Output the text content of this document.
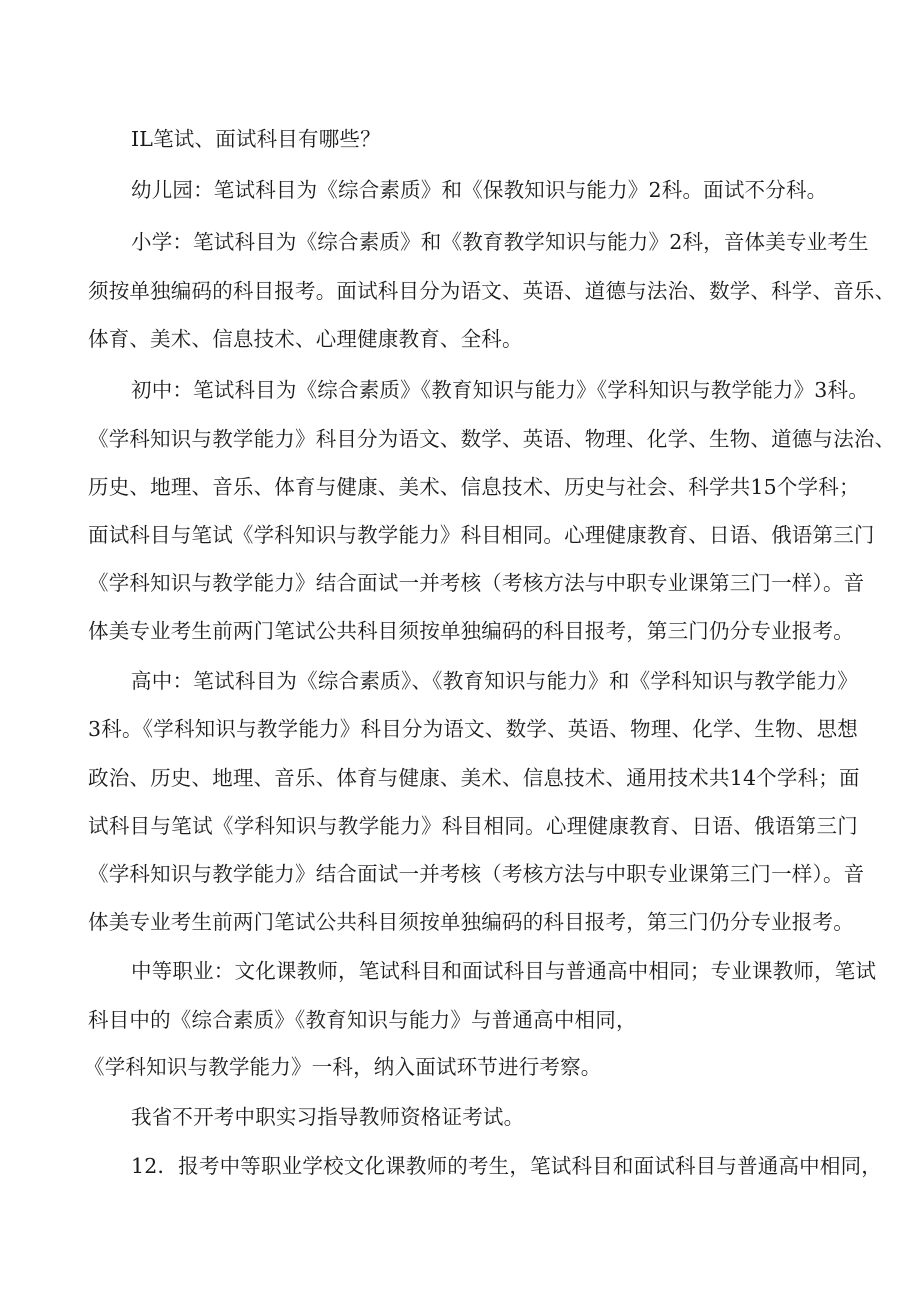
IL笔试、面试科目有哪些？
幼儿园：笔试科目为《综合素质》和《保教知识与能力》2科。面试不分科。
小学：笔试科目为《综合素质》和《教育教学知识与能力》2科，音体美专业考生
须按单独编码的科目报考。面试科目分为语文、英语、道德与法治、数学、科学、音乐、
体育、美术、信息技术、心理健康教育、全科。
初中：笔试科目为《综合素质》《教育知识与能力》《学科知识与教学能力》3科。
《学科知识与教学能力》科目分为语文、数学、英语、物理、化学、生物、道德与法治、
历史、地理、音乐、体育与健康、美术、信息技术、历史与社会、科学共15个学科；
面试科目与笔试《学科知识与教学能力》科目相同。心理健康教育、日语、俄语第三门
《学科知识与教学能力》结合面试一并考核（考核方法与中职专业课第三门一样）。音
体美专业考生前两门笔试公共科目须按单独编码的科目报考，第三门仍分专业报考。
高中：笔试科目为《综合素质》、《教育知识与能力》和《学科知识与教学能力》
3科。《学科知识与教学能力》科目分为语文、数学、英语、物理、化学、生物、思想
政治、历史、地理、音乐、体育与健康、美术、信息技术、通用技术共14个学科；面
试科目与笔试《学科知识与教学能力》科目相同。心理健康教育、日语、俄语第三门
《学科知识与教学能力》结合面试一并考核（考核方法与中职专业课第三门一样）。音
体美专业考生前两门笔试公共科目须按单独编码的科目报考，第三门仍分专业报考。
中等职业：文化课教师，笔试科目和面试科目与普通高中相同；专业课教师，笔试
科目中的《综合素质》《教育知识与能力》与普通高中相同，
《学科知识与教学能力》一科，纳入面试环节进行考察。
我省不开考中职实习指导教师资格证考试。
12．报考中等职业学校文化课教师的考生，笔试科目和面试科目与普通高中相同，
